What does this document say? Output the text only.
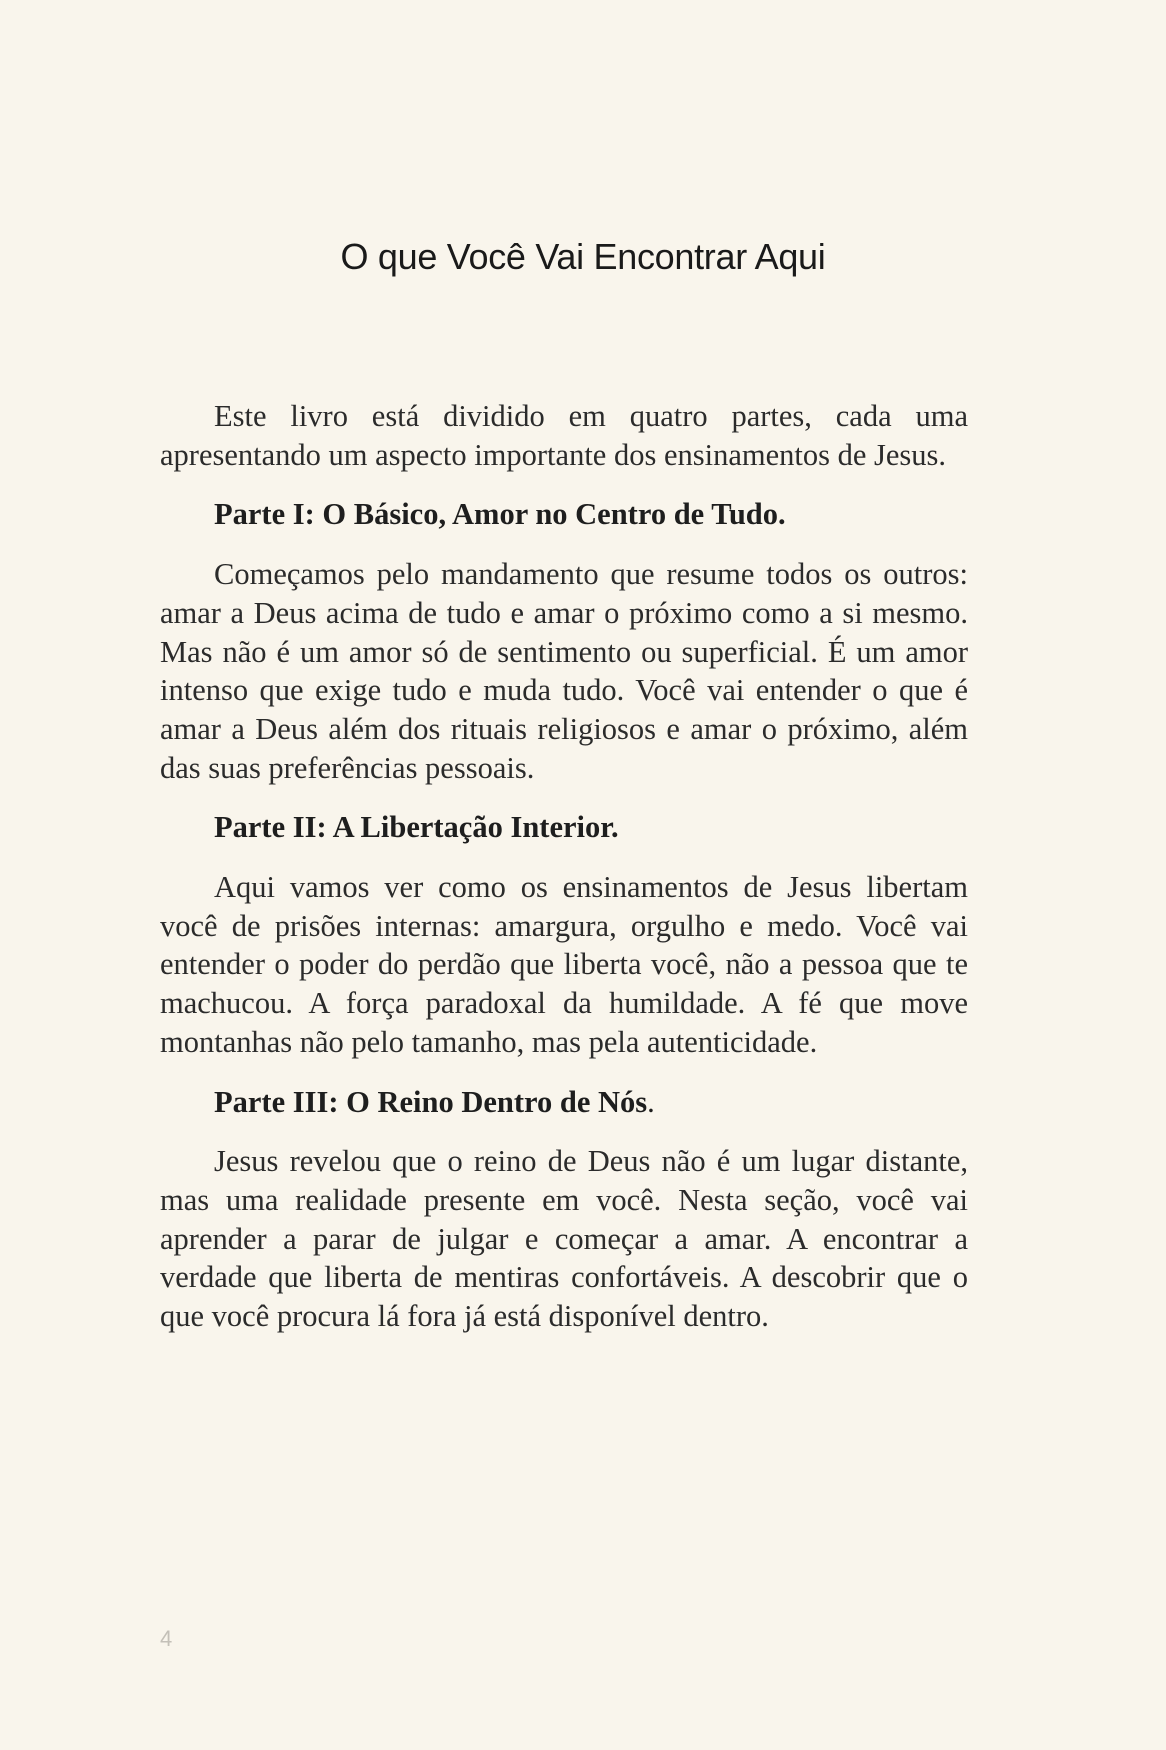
O que Você Vai Encontrar Aqui

Este livro está dividido em quatro partes, cada uma apresentando um aspecto importante dos ensinamentos de Jesus.

Parte I: O Básico, Amor no Centro de Tudo.

Começamos pelo mandamento que resume todos os outros: amar a Deus acima de tudo e amar o próximo como a si mesmo. Mas não é um amor só de sentimento ou superficial. É um amor intenso que exige tudo e muda tudo. Você vai entender o que é amar a Deus além dos rituais religiosos e amar o próximo, além das suas preferências pessoais.

Parte II: A Libertação Interior.

Aqui vamos ver como os ensinamentos de Jesus libertam você de prisões internas: amargura, orgulho e medo. Você vai entender o poder do perdão que liberta você, não a pessoa que te machucou. A força paradoxal da humildade. A fé que move montanhas não pelo tamanho, mas pela autenticidade.

Parte III: O Reino Dentro de Nós.

Jesus revelou que o reino de Deus não é um lugar distante, mas uma realidade presente em você. Nesta seção, você vai aprender a parar de julgar e começar a amar. A encontrar a verdade que liberta de mentiras confortáveis. A descobrir que o que você procura lá fora já está disponível dentro.

4
